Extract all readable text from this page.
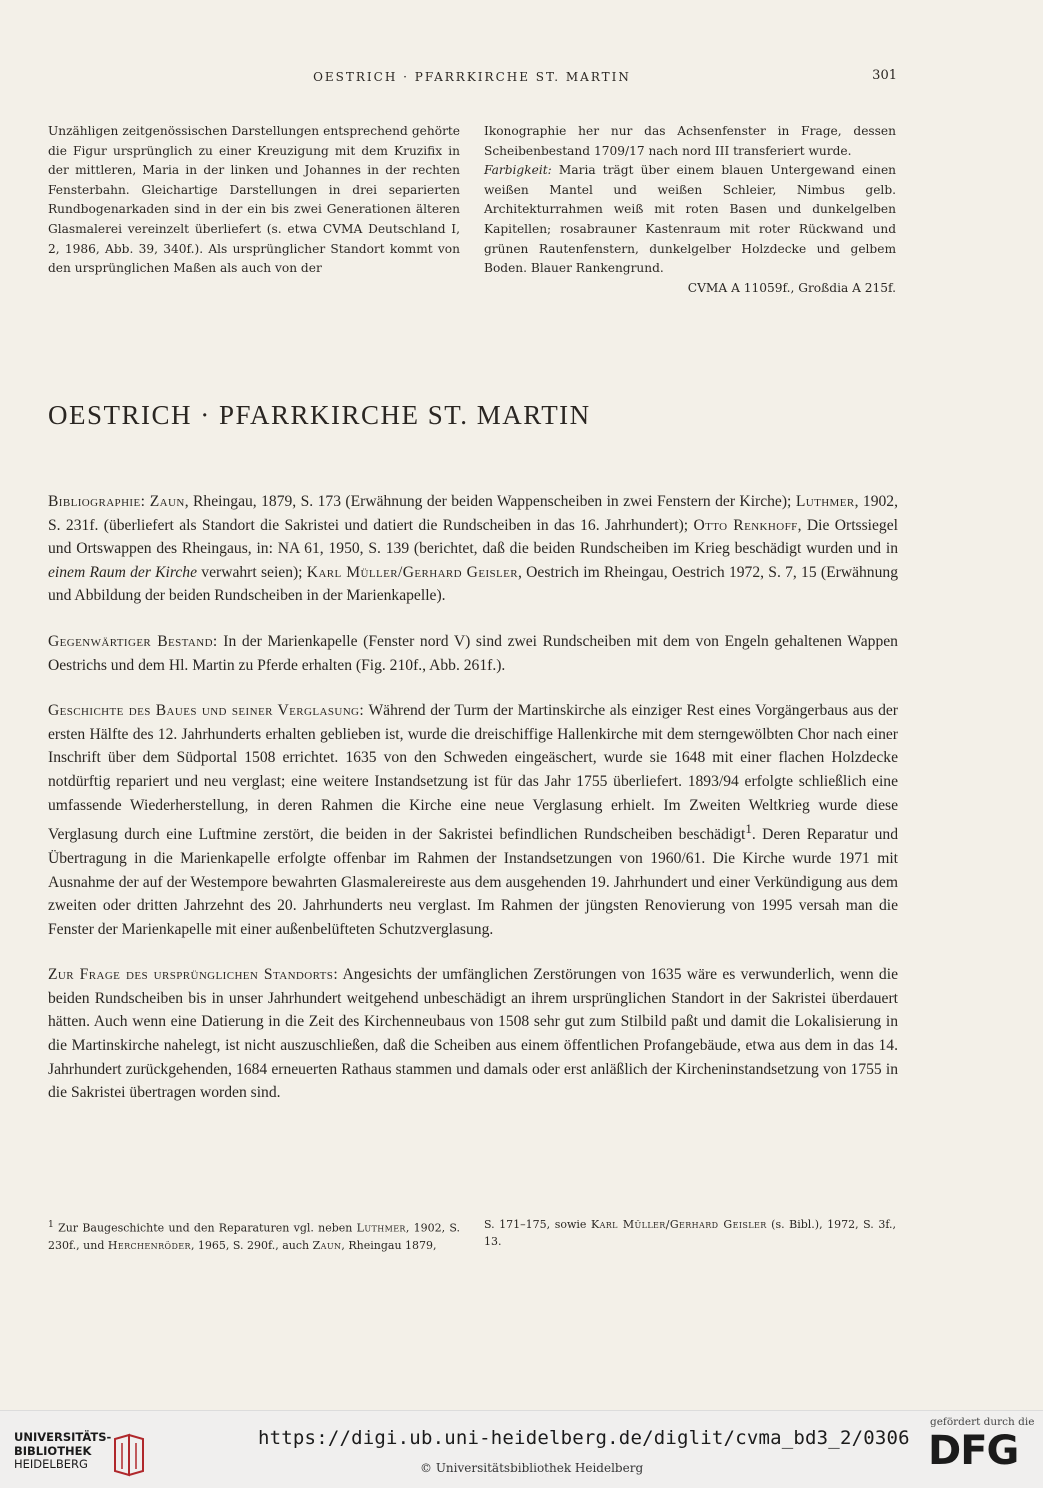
OESTRICH · PFARRKIRCHE ST. MARTIN	301

Unzähligen zeitgenössischen Darstellungen entsprechend gehörte die Figur ursprünglich zu einer Kreuzigung mit dem Kruzifix in der mittleren, Maria in der linken und Johannes in der rechten Fensterbahn. Gleichartige Darstellungen in drei separierten Rundbogenarkaden sind in der ein bis zwei Generationen älteren Glasmalerei vereinzelt überliefert (s. etwa CVMA Deutschland I, 2, 1986, Abb. 39, 340f.). Als ursprünglicher Standort kommt von den ursprünglichen Maßen als auch von der

Ikonographie her nur das Achsenfenster in Frage, dessen Scheibenbestand 1709/17 nach nord III transferiert wurde.

Farbigkeit: Maria trägt über einem blauen Untergewand einen weißen Mantel und weißen Schleier, Nimbus gelb. Architekturrahmen weiß mit roten Basen und dunkelgelben Kapitellen; rosabrauner Kastenraum mit roter Rückwand und grünen Rautenfenstern, dunkelgelber Holzdecke und gelbem Boden. Blauer Rankengrund.

CVMA A 11059f., Großdia A 215f.

OESTRICH · PFARRKIRCHE ST. MARTIN

Bibliographie: Zaun, Rheingau, 1879, S. 173 (Erwähnung der beiden Wappenscheiben in zwei Fenstern der Kirche); Luthmer, 1902, S. 231f. (überliefert als Standort die Sakristei und datiert die Rundscheiben in das 16. Jahrhundert); Otto Renkhoff, Die Ortssiegel und Ortswappen des Rheingaus, in: NA 61, 1950, S. 139 (berichtet, daß die beiden Rundscheiben im Krieg beschädigt wurden und in einem Raum der Kirche verwahrt seien); Karl Müller/Gerhard Geisler, Oestrich im Rheingau, Oestrich 1972, S. 7, 15 (Erwähnung und Abbildung der beiden Rundscheiben in der Marienkapelle).

Gegenwärtiger Bestand: In der Marienkapelle (Fenster nord V) sind zwei Rundscheiben mit dem von Engeln gehaltenen Wappen Oestrichs und dem Hl. Martin zu Pferde erhalten (Fig. 210f., Abb. 261f.).

Geschichte des Baues und seiner Verglasung: Während der Turm der Martinskirche als einziger Rest eines Vorgängerbaus aus der ersten Hälfte des 12. Jahrhunderts erhalten geblieben ist, wurde die dreischiffige Hallenkirche mit dem sterngewölbten Chor nach einer Inschrift über dem Südportal 1508 errichtet. 1635 von den Schweden eingeäschert, wurde sie 1648 mit einer flachen Holzdecke notdürftig repariert und neu verglast; eine weitere Instandsetzung ist für das Jahr 1755 überliefert. 1893/94 erfolgte schließlich eine umfassende Wiederherstellung, in deren Rahmen die Kirche eine neue Verglasung erhielt. Im Zweiten Weltkrieg wurde diese Verglasung durch eine Luftmine zerstört, die beiden in der Sakristei befindlichen Rundscheiben beschädigt$^1$. Deren Reparatur und Übertragung in die Marienkapelle erfolgte offenbar im Rahmen der Instandsetzungen von 1960/61. Die Kirche wurde 1971 mit Ausnahme der auf der Westempore bewahrten Glasmalereireste aus dem ausgehenden 19. Jahrhundert und einer Verkündigung aus dem zweiten oder dritten Jahrzehnt des 20. Jahrhunderts neu verglast. Im Rahmen der jüngsten Renovierung von 1995 versah man die Fenster der Marienkapelle mit einer außenbelüfteten Schutzverglasung.

Zur Frage des ursprünglichen Standorts: Angesichts der umfänglichen Zerstörungen von 1635 wäre es verwunderlich, wenn die beiden Rundscheiben bis in unser Jahrhundert weitgehend unbeschädigt an ihrem ursprünglichen Standort in der Sakristei überdauert hätten. Auch wenn eine Datierung in die Zeit des Kirchenneubaus von 1508 sehr gut zum Stilbild paßt und damit die Lokalisierung in die Martinskirche nahelegt, ist nicht auszuschließen, daß die Scheiben aus einem öffentlichen Profangebäude, etwa aus dem in das 14. Jahrhundert zurückgehenden, 1684 erneuerten Rathaus stammen und damals oder erst anläßlich der Kircheninstandsetzung von 1755 in die Sakristei übertragen worden sind.

$^1$ Zur Baugeschichte und den Reparaturen vgl. neben Luthmer, 1902, S. 230f., und Herchenröder, 1965, S. 290f., auch Zaun, Rheingau 1879,
S. 171–175, sowie Karl Müller/Gerhard Geisler (s. Bibl.), 1972, S. 3f., 13.
UNIVERSITÄTS-
BIBLIOTHEK
HEIDELBERG
https://digi.ub.uni-heidelberg.de/diglit/cvma_bd3_2/0306
© Universitätsbibliothek Heidelberg
gefördert durch die
DFG
